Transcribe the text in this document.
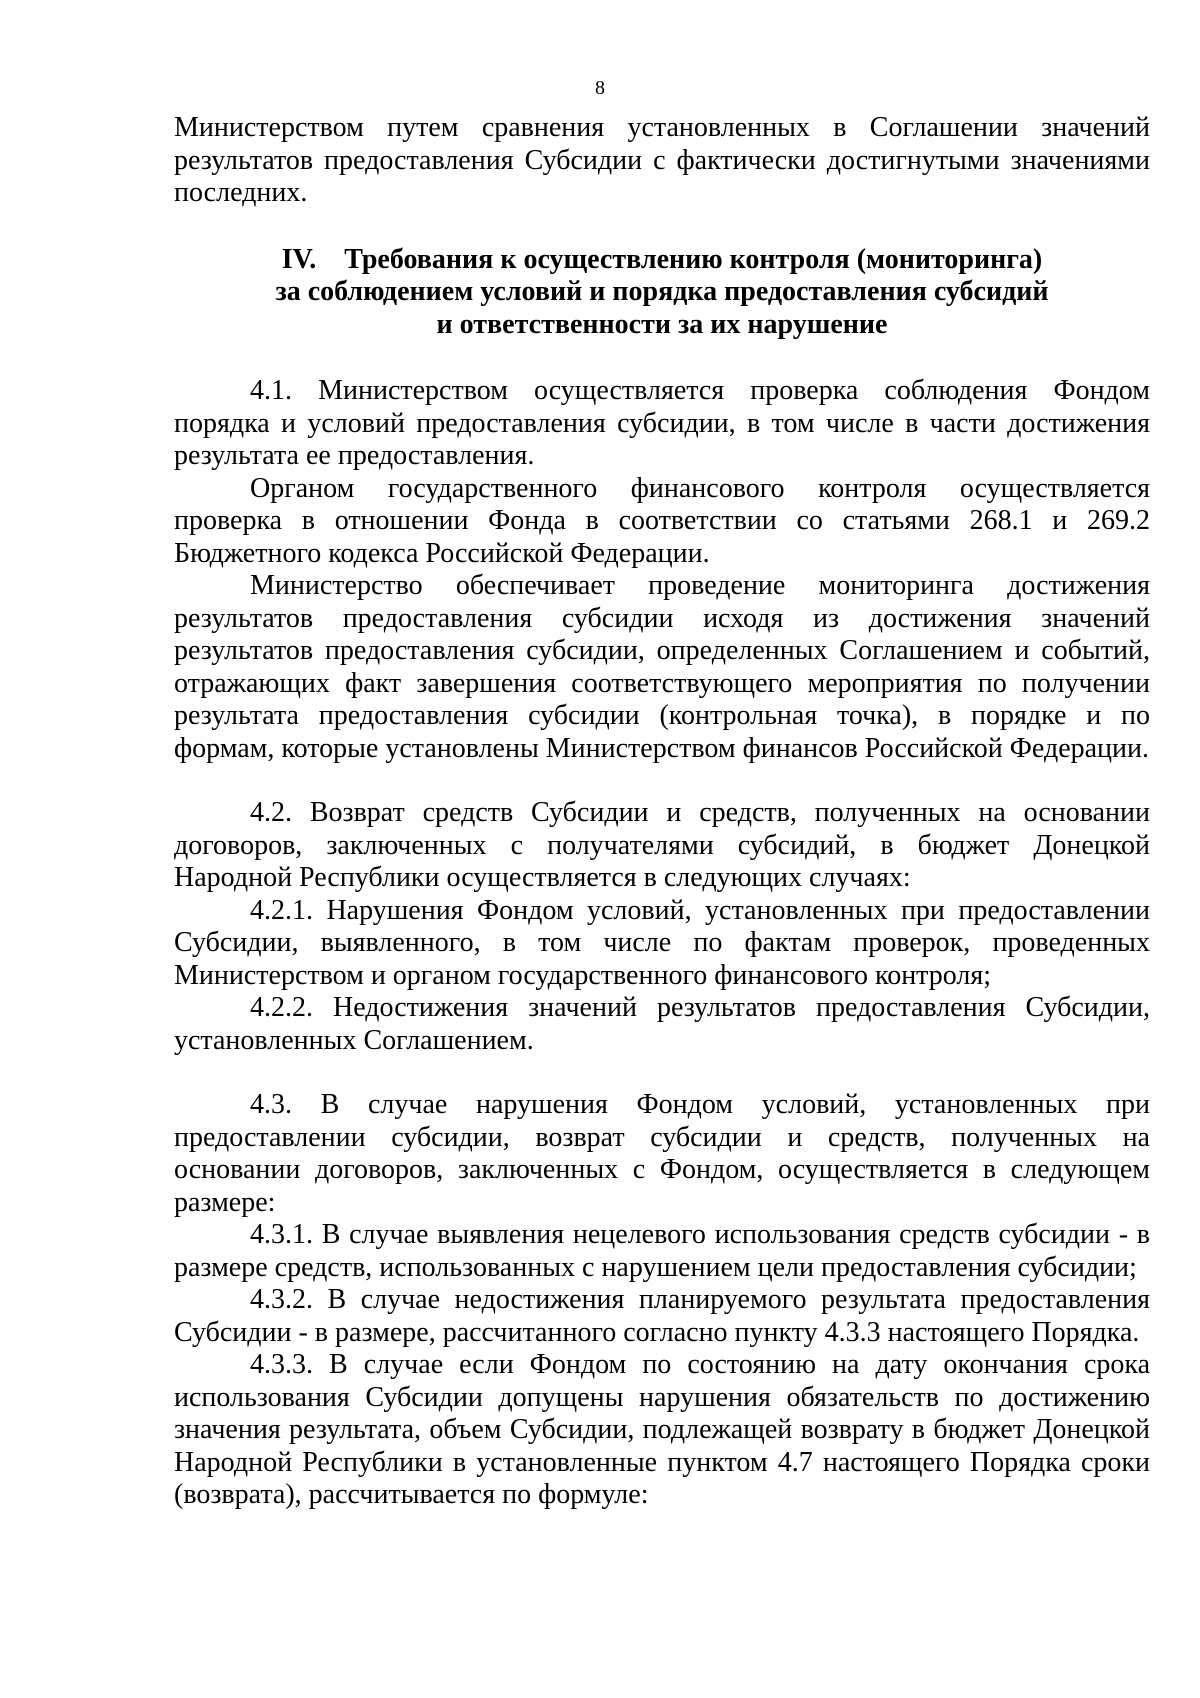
8

Министерством путем сравнения установленных в Соглашении значений результатов предоставления Субсидии с фактически достигнутыми значениями последних.

IV.    Требования к осуществлению контроля (мониторинга)
за соблюдением условий и порядка предоставления субсидий
и ответственности за их нарушение

4.1. Министерством осуществляется проверка соблюдения Фондом порядка и условий предоставления субсидии, в том числе в части достижения результата ее предоставления.

Органом государственного финансового контроля осуществляется проверка в отношении Фонда в соответствии со статьями 268.1 и 269.2 Бюджетного кодекса Российской Федерации.

Министерство обеспечивает проведение мониторинга достижения результатов предоставления субсидии исходя из достижения значений результатов предоставления субсидии, определенных Соглашением и событий, отражающих факт завершения соответствующего мероприятия по получении результата предоставления субсидии (контрольная точка), в порядке и по формам, которые установлены Министерством финансов Российской Федерации.

4.2. Возврат средств Субсидии и средств, полученных на основании договоров, заключенных с получателями субсидий, в бюджет Донецкой Народной Республики осуществляется в следующих случаях:

4.2.1. Нарушения Фондом условий, установленных при предоставлении Субсидии, выявленного, в том числе по фактам проверок, проведенных Министерством и органом государственного финансового контроля;

4.2.2. Недостижения значений результатов предоставления Субсидии, установленных Соглашением.

4.3. В случае нарушения Фондом условий, установленных при предоставлении субсидии, возврат субсидии и средств, полученных на основании договоров, заключенных с Фондом, осуществляется в следующем размере:

4.3.1. В случае выявления нецелевого использования средств субсидии - в размере средств, использованных с нарушением цели предоставления субсидии;

4.3.2. В случае недостижения планируемого результата предоставления Субсидии - в размере, рассчитанного согласно пункту 4.3.3 настоящего Порядка.

4.3.3. В случае если Фондом по состоянию на дату окончания срока использования Субсидии допущены нарушения обязательств по достижению значения результата, объем Субсидии, подлежащей возврату в бюджет Донецкой Народной Республики в установленные пунктом 4.7 настоящего Порядка сроки (возврата), рассчитывается по формуле:
